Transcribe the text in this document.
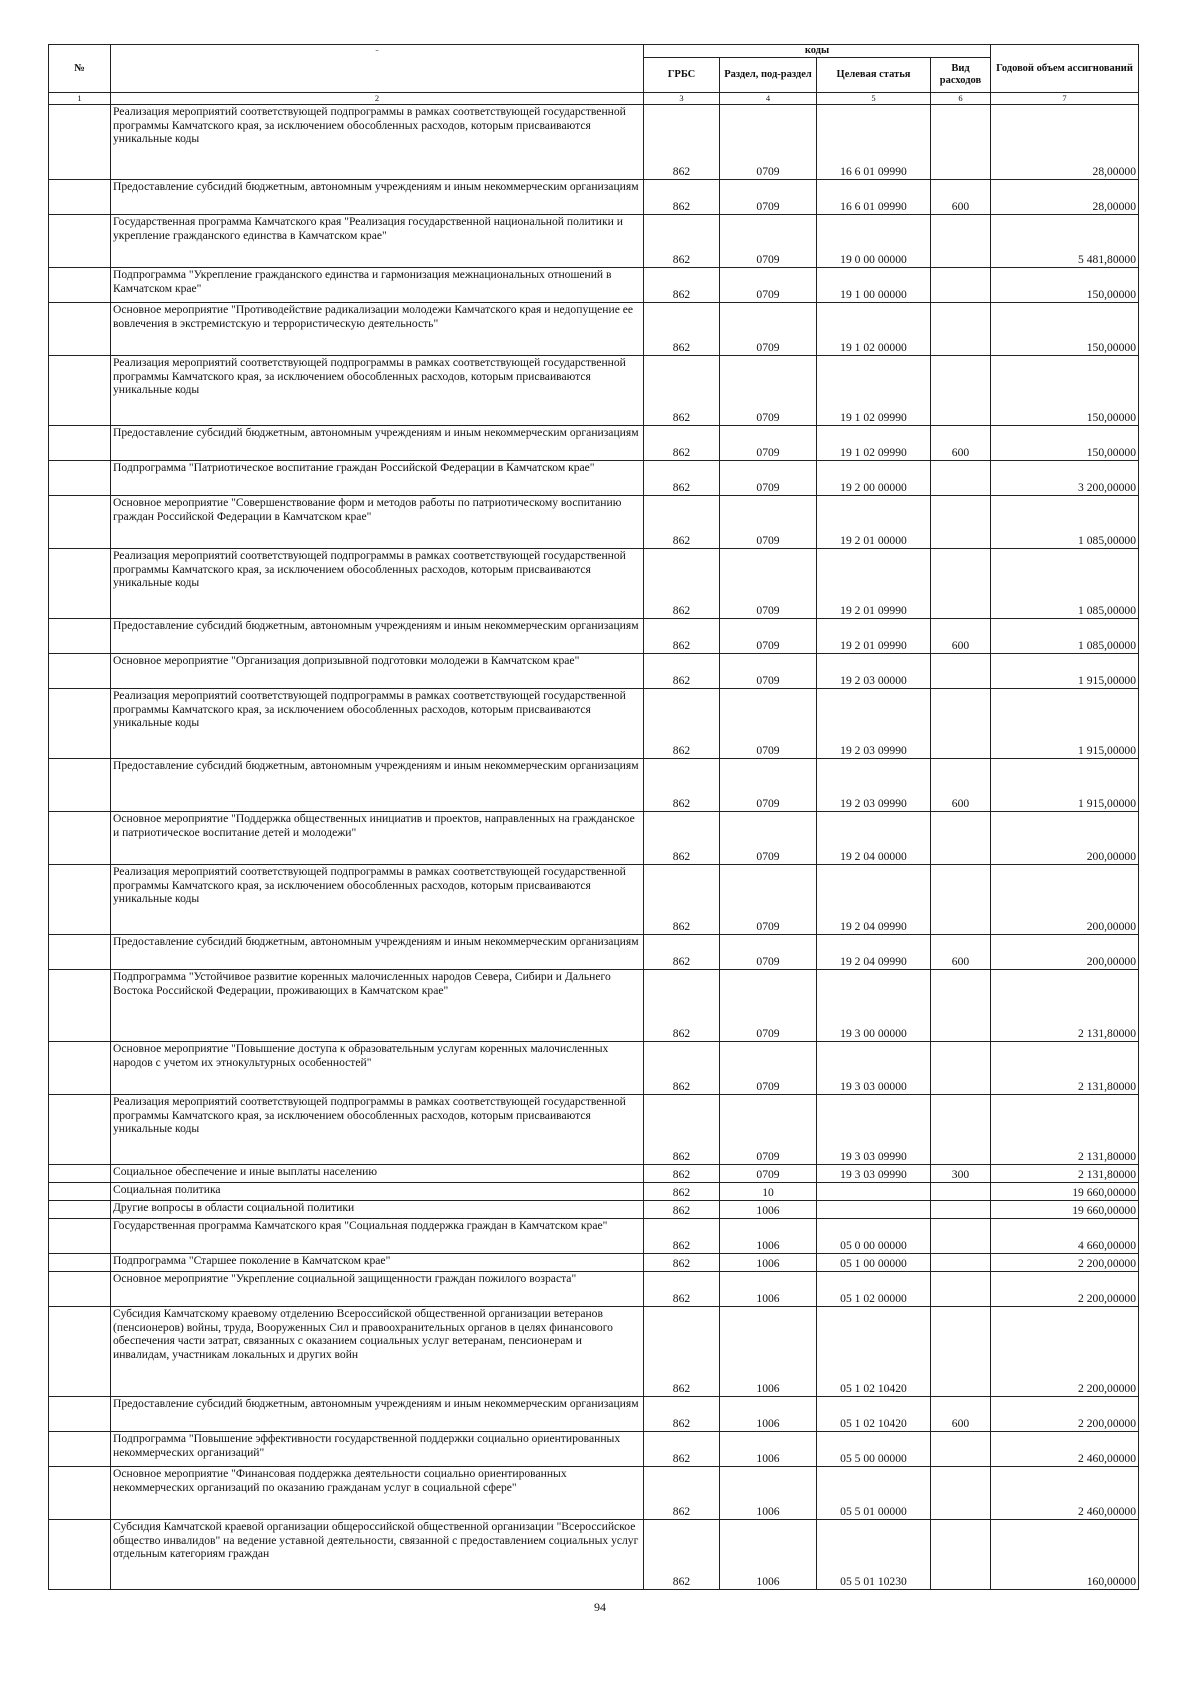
№	-	коды				Годовой объем ассигнований
		ГРБС	Раздел, под-раздел	Целевая статья	Вид расходов	
1	2	3	4	5	6	7
	Реализация мероприятий соответствующей подпрограммы в рамках соответствующей государственной программы Камчатского края, за исключением обособленных расходов, которым присваиваются уникальные коды	862	0709	16 6 01 09990		28,00000
	Предоставление субсидий бюджетным, автономным учреждениям и иным некоммерческим организациям	862	0709	16 6 01 09990	600	28,00000
	Государственная программа Камчатского края "Реализация государственной национальной политики и укрепление гражданского единства в Камчатском крае"	862	0709	19 0 00 00000		5 481,80000
	Подпрограмма "Укрепление гражданского единства и гармонизация межнациональных отношений в Камчатском крае"	862	0709	19 1 00 00000		150,00000
	Основное мероприятие "Противодействие радикализации молодежи Камчатского края и недопущение ее вовлечения в экстремистскую и террористическую деятельность"	862	0709	19 1 02 00000		150,00000
	Реализация мероприятий соответствующей подпрограммы в рамках соответствующей государственной программы Камчатского края, за исключением обособленных расходов, которым присваиваются уникальные коды	862	0709	19 1 02 09990		150,00000
	Предоставление субсидий бюджетным, автономным учреждениям и иным некоммерческим организациям	862	0709	19 1 02 09990	600	150,00000
	Подпрограмма "Патриотическое воспитание граждан Российской Федерации в Камчатском крае"	862	0709	19 2 00 00000		3 200,00000
	Основное мероприятие "Совершенствование форм и методов работы по патриотическому воспитанию граждан Российской Федерации в Камчатском крае"	862	0709	19 2 01 00000		1 085,00000
	Реализация мероприятий соответствующей подпрограммы в рамках соответствующей государственной программы Камчатского края, за исключением обособленных расходов, которым присваиваются уникальные коды	862	0709	19 2 01 09990		1 085,00000
	Предоставление субсидий бюджетным, автономным учреждениям и иным некоммерческим организациям	862	0709	19 2 01 09990	600	1 085,00000
	Основное мероприятие "Организация допризывной подготовки молодежи в Камчатском крае"	862	0709	19 2 03 00000		1 915,00000
	Реализация мероприятий соответствующей подпрограммы в рамках соответствующей государственной программы Камчатского края, за исключением обособленных расходов, которым присваиваются уникальные коды	862	0709	19 2 03 09990		1 915,00000
	Предоставление субсидий бюджетным, автономным учреждениям и иным некоммерческим организациям	862	0709	19 2 03 09990	600	1 915,00000
	Основное мероприятие "Поддержка общественных инициатив и проектов, направленных на гражданское и патриотическое воспитание детей и молодежи"	862	0709	19 2 04 00000		200,00000
	Реализация мероприятий соответствующей подпрограммы в рамках соответствующей государственной программы Камчатского края, за исключением обособленных расходов, которым присваиваются уникальные коды	862	0709	19 2 04 09990		200,00000
	Предоставление субсидий бюджетным, автономным учреждениям и иным некоммерческим организациям	862	0709	19 2 04 09990	600	200,00000
	Подпрограмма "Устойчивое развитие коренных малочисленных народов Севера, Сибири и Дальнего Востока Российской Федерации, проживающих в Камчатском крае"	862	0709	19 3 00 00000		2 131,80000
	Основное мероприятие "Повышение доступа к образовательным услугам коренных малочисленных народов с учетом их этнокультурных особенностей"	862	0709	19 3 03 00000		2 131,80000
	Реализация мероприятий соответствующей подпрограммы в рамках соответствующей государственной программы Камчатского края, за исключением обособленных расходов, которым присваиваются уникальные коды	862	0709	19 3 03 09990		2 131,80000
	Социальное обеспечение и иные выплаты населению	862	0709	19 3 03 09990	300	2 131,80000
	Социальная политика	862	10			19 660,00000
	Другие вопросы в области социальной политики	862	1006			19 660,00000
	Государственная программа Камчатского края "Социальная поддержка граждан в Камчатском крае"	862	1006	05 0 00 00000		4 660,00000
	Подпрограмма "Старшее поколение в Камчатском крае"	862	1006	05 1 00 00000		2 200,00000
	Основное мероприятие "Укрепление социальной защищенности граждан пожилого возраста"	862	1006	05 1 02 00000		2 200,00000
	Субсидия Камчатскому краевому отделению Всероссийской общественной организации ветеранов (пенсионеров) войны, труда, Вооруженных Сил и правоохранительных органов в целях финансового обеспечения части затрат, связанных с оказанием социальных услуг ветеранам, пенсионерам и инвалидам, участникам локальных и других войн	862	1006	05 1 02 10420		2 200,00000
	Предоставление субсидий бюджетным, автономным учреждениям и иным некоммерческим организациям	862	1006	05 1 02 10420	600	2 200,00000
	Подпрограмма "Повышение эффективности государственной поддержки социально ориентированных некоммерческих организаций"	862	1006	05 5 00 00000		2 460,00000
	Основное мероприятие "Финансовая поддержка деятельности социально ориентированных некоммерческих организаций по оказанию гражданам услуг в социальной сфере"	862	1006	05 5 01 00000		2 460,00000
	Субсидия Камчатской краевой организации общероссийской общественной организации "Всероссийское общество инвалидов" на ведение уставной деятельности, связанной с предоставлением социальных услуг отдельным категориям граждан	862	1006	05 5 01 10230		160,00000
94
